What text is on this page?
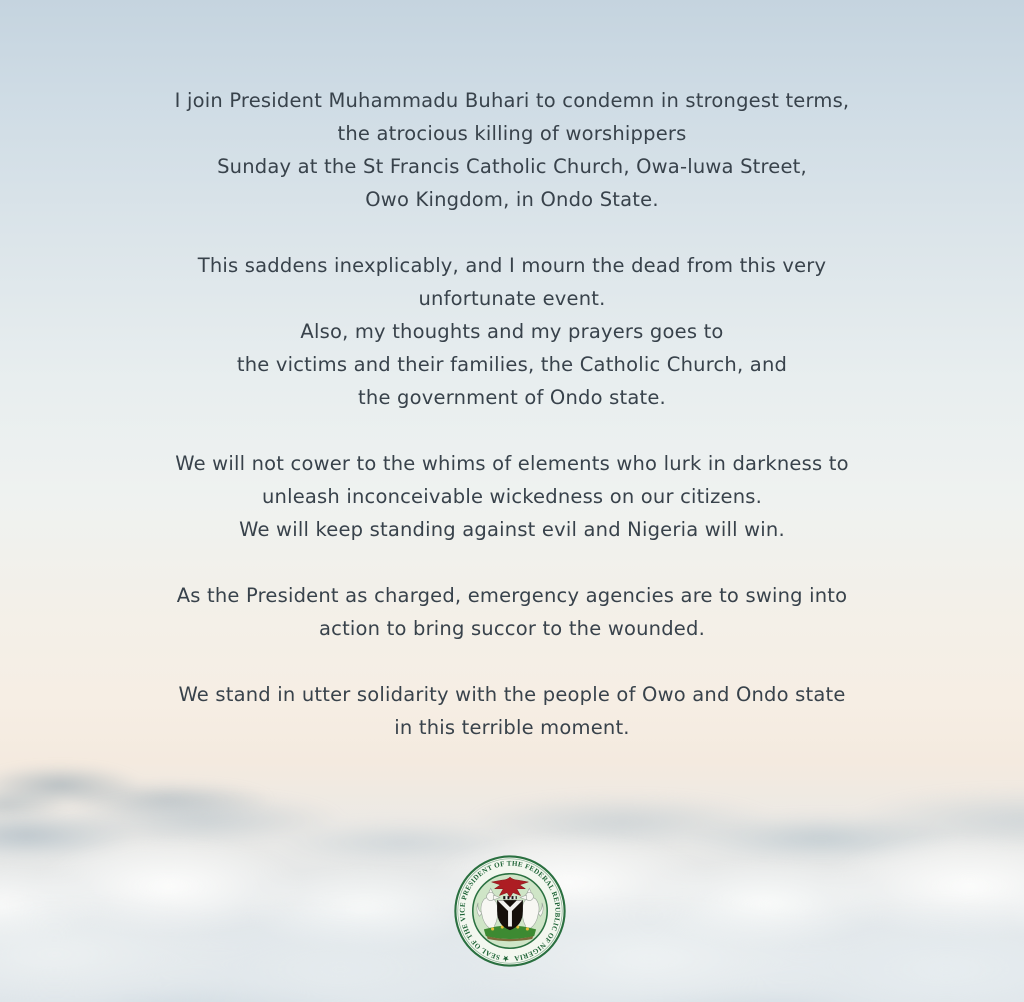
I join President Muhammadu Buhari to condemn in strongest terms,
the atrocious killing of worshippers
Sunday at the St Francis Catholic Church, Owa-luwa Street,
Owo Kingdom, in Ondo State.

This saddens inexplicably, and I mourn the dead from this very
unfortunate event.
Also, my thoughts and my prayers goes to
the victims and their families, the Catholic Church, and
the government of Ondo state.

We will not cower to the whims of elements who lurk in darkness to
unleash inconceivable wickedness on our citizens.
We will keep standing against evil and Nigeria will win.

As the President as charged, emergency agencies are to swing into
action to bring succor to the wounded.

We stand in utter solidarity with the people of Owo and Ondo state
in this terrible moment.

★ SEAL OF THE VICE PRESIDENT OF THE FEDERAL REPUBLIC OF NIGERIA
